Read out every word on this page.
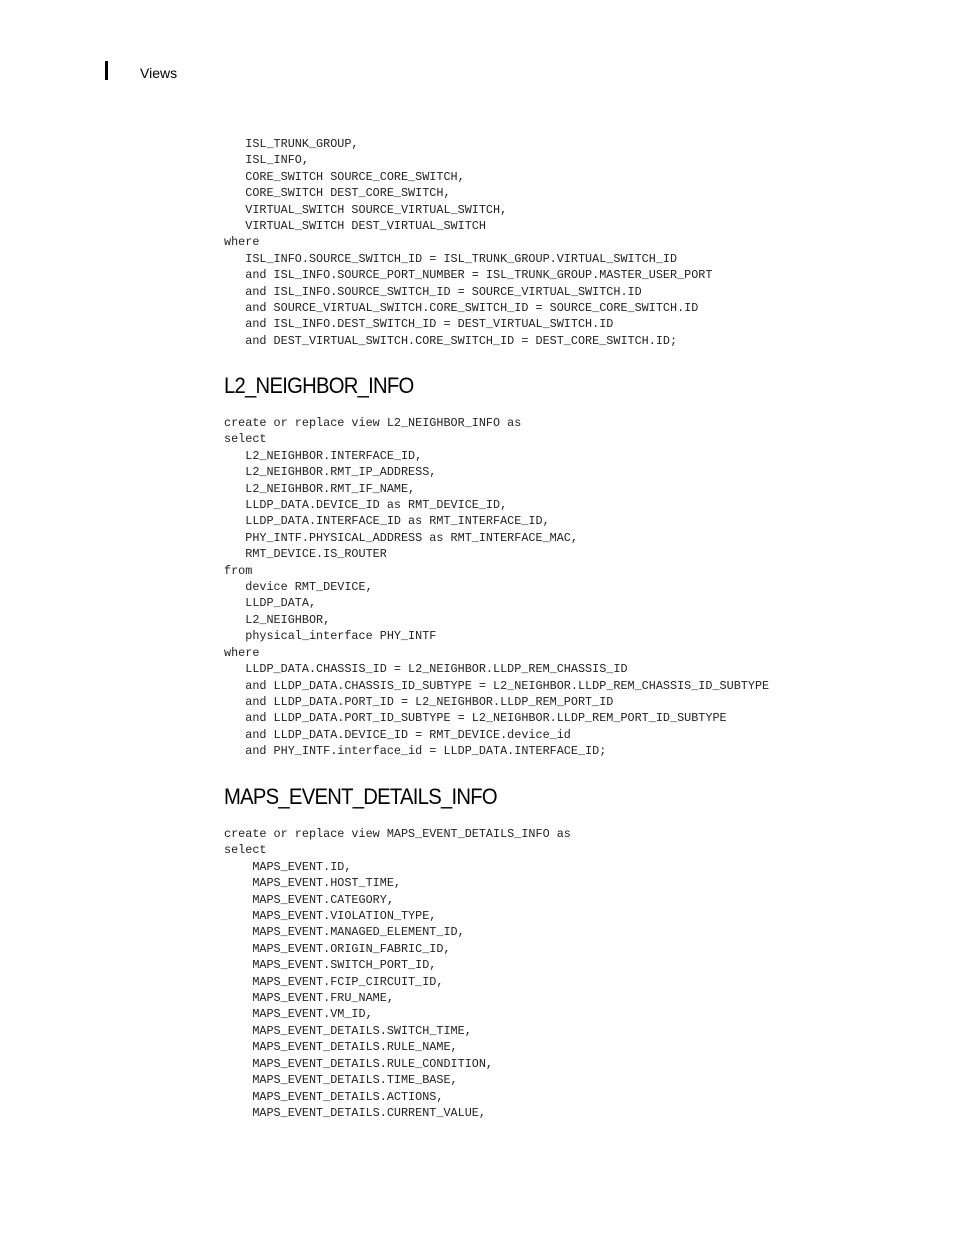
Views
ISL_TRUNK_GROUP,
ISL_INFO,
CORE_SWITCH SOURCE_CORE_SWITCH,
CORE_SWITCH DEST_CORE_SWITCH,
VIRTUAL_SWITCH SOURCE_VIRTUAL_SWITCH,
VIRTUAL_SWITCH DEST_VIRTUAL_SWITCH
where
ISL_INFO.SOURCE_SWITCH_ID = ISL_TRUNK_GROUP.VIRTUAL_SWITCH_ID
and ISL_INFO.SOURCE_PORT_NUMBER = ISL_TRUNK_GROUP.MASTER_USER_PORT
and ISL_INFO.SOURCE_SWITCH_ID = SOURCE_VIRTUAL_SWITCH.ID
and SOURCE_VIRTUAL_SWITCH.CORE_SWITCH_ID = SOURCE_CORE_SWITCH.ID
and ISL_INFO.DEST_SWITCH_ID = DEST_VIRTUAL_SWITCH.ID
and DEST_VIRTUAL_SWITCH.CORE_SWITCH_ID = DEST_CORE_SWITCH.ID;
L2_NEIGHBOR_INFO
create or replace view L2_NEIGHBOR_INFO as
select
L2_NEIGHBOR.INTERFACE_ID,
L2_NEIGHBOR.RMT_IP_ADDRESS,
L2_NEIGHBOR.RMT_IF_NAME,
LLDP_DATA.DEVICE_ID as RMT_DEVICE_ID,
LLDP_DATA.INTERFACE_ID as RMT_INTERFACE_ID,
PHY_INTF.PHYSICAL_ADDRESS as RMT_INTERFACE_MAC,
RMT_DEVICE.IS_ROUTER
from
device RMT_DEVICE,
LLDP_DATA,
L2_NEIGHBOR,
physical_interface PHY_INTF
where
LLDP_DATA.CHASSIS_ID = L2_NEIGHBOR.LLDP_REM_CHASSIS_ID
and LLDP_DATA.CHASSIS_ID_SUBTYPE = L2_NEIGHBOR.LLDP_REM_CHASSIS_ID_SUBTYPE
and LLDP_DATA.PORT_ID = L2_NEIGHBOR.LLDP_REM_PORT_ID
and LLDP_DATA.PORT_ID_SUBTYPE = L2_NEIGHBOR.LLDP_REM_PORT_ID_SUBTYPE
and LLDP_DATA.DEVICE_ID = RMT_DEVICE.device_id
and PHY_INTF.interface_id = LLDP_DATA.INTERFACE_ID;
MAPS_EVENT_DETAILS_INFO
create or replace view MAPS_EVENT_DETAILS_INFO as
select
MAPS_EVENT.ID,
MAPS_EVENT.HOST_TIME,
MAPS_EVENT.CATEGORY,
MAPS_EVENT.VIOLATION_TYPE,
MAPS_EVENT.MANAGED_ELEMENT_ID,
MAPS_EVENT.ORIGIN_FABRIC_ID,
MAPS_EVENT.SWITCH_PORT_ID,
MAPS_EVENT.FCIP_CIRCUIT_ID,
MAPS_EVENT.FRU_NAME,
MAPS_EVENT.VM_ID,
MAPS_EVENT_DETAILS.SWITCH_TIME,
MAPS_EVENT_DETAILS.RULE_NAME,
MAPS_EVENT_DETAILS.RULE_CONDITION,
MAPS_EVENT_DETAILS.TIME_BASE,
MAPS_EVENT_DETAILS.ACTIONS,
MAPS_EVENT_DETAILS.CURRENT_VALUE,
